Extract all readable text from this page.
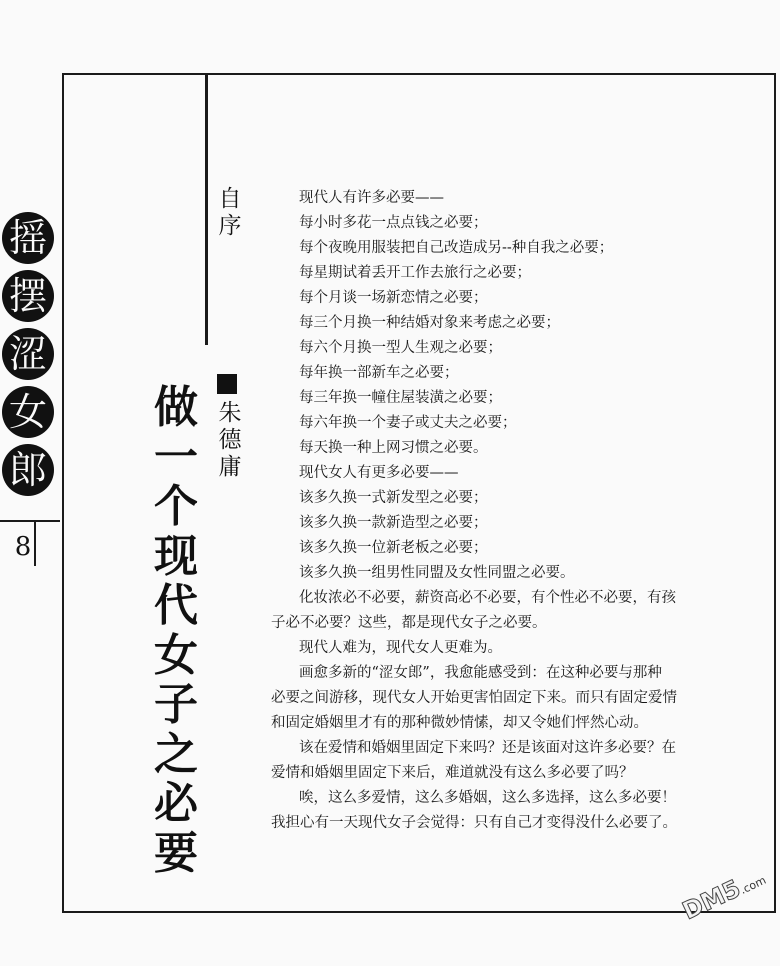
摇
摆
涩
女
郎
8
自序
朱德庸
做一个现代女子之必要
现代人有许多必要——
每小时多花一点点钱之必要；
每个夜晚用服装把自己改造成另--种自我之必要；
每星期试着丢开工作去旅行之必要；
每个月谈一场新恋情之必要；
每三个月换一种结婚对象来考虑之必要；
每六个月换一型人生观之必要；
每年换一部新车之必要；
每三年换一幢住屋装潢之必要；
每六年换一个妻子或丈夫之必要；
每天换一种上网习惯之必要。
现代女人有更多必要——
该多久换一式新发型之必要；
该多久换一款新造型之必要；
该多久换一位新老板之必要；
该多久换一组男性同盟及女性同盟之必要。
化妆浓必不必要，薪资高必不必要，有个性必不必要，有孩
子必不必要？这些，都是现代女子之必要。
现代人难为，现代女人更难为。
画愈多新的“涩女郎”，我愈能感受到：在这种必要与那种
必要之间游移，现代女人开始更害怕固定下来。而只有固定爱情
和固定婚姻里才有的那种微妙情愫，却又令她们怦然心动。
该在爱情和婚姻里固定下来吗？还是该面对这许多必要？在
爱情和婚姻里固定下来后，难道就没有这么多必要了吗？
唉，这么多爱情，这么多婚姻，这么多选择，这么多必要！
我担心有一天现代女子会觉得：只有自己才变得没什么必要了。
DM5.com
